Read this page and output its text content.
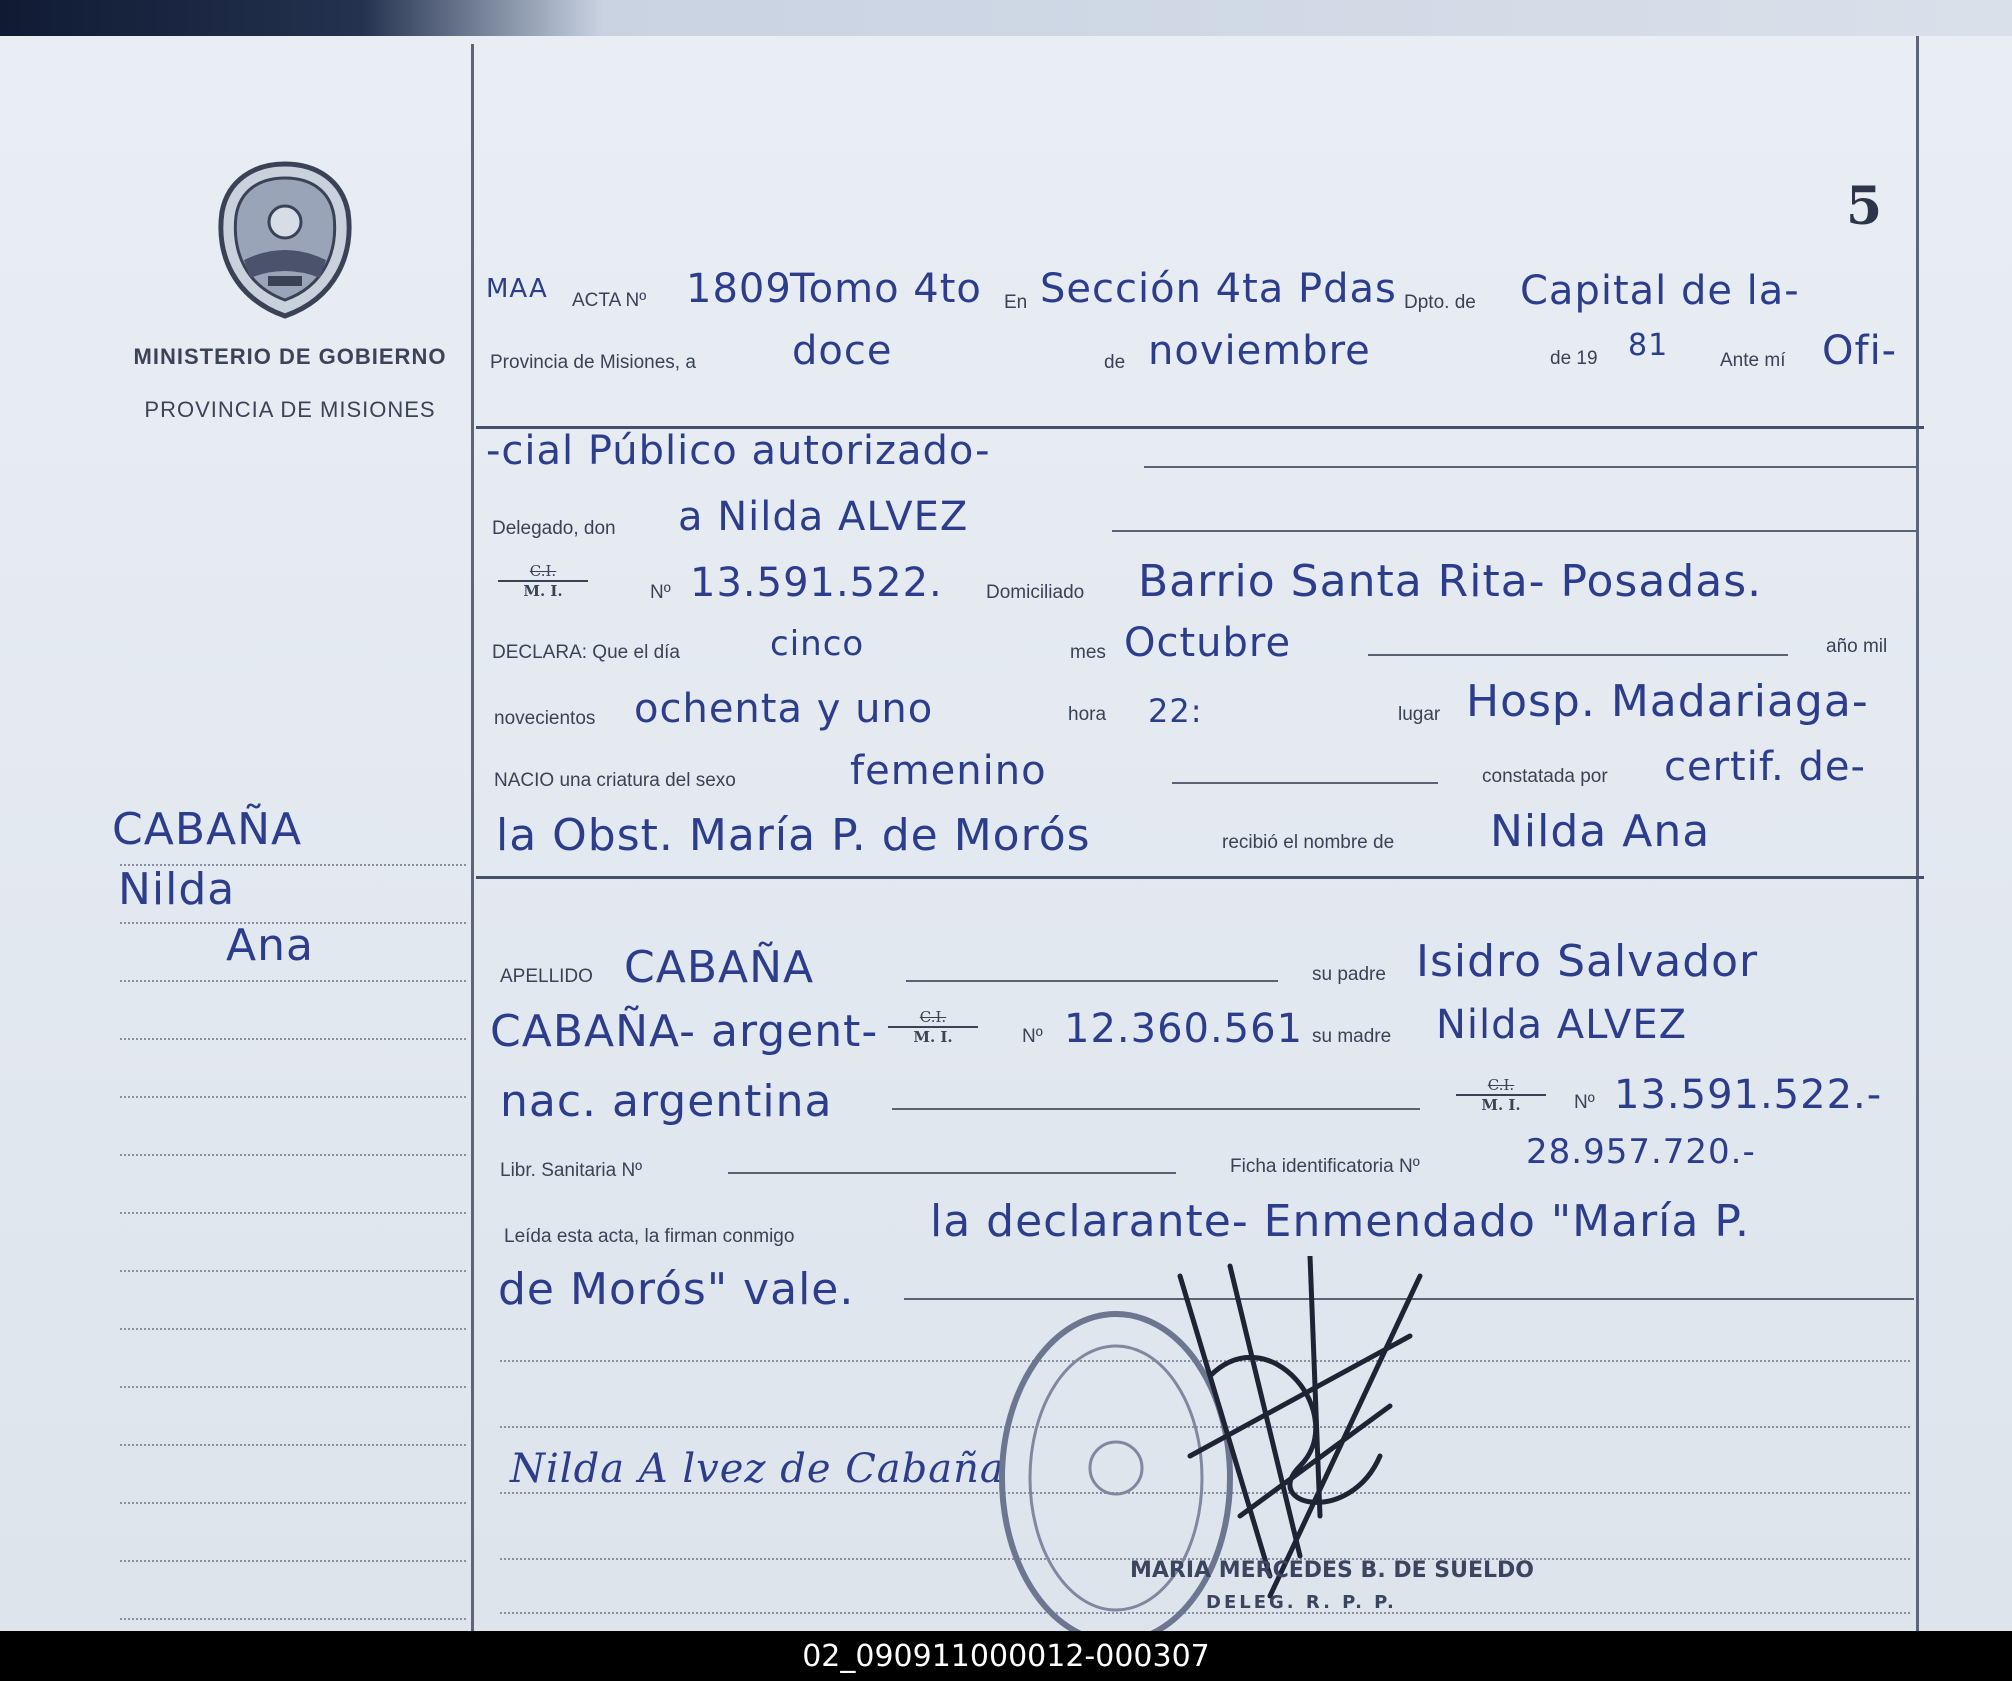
5
MINISTERIO DE GOBIERNO
PROVINCIA DE MISIONES
CABAÑA
Nilda
Ana
MAA ACTA Nº 1809
Tomo 4to En Sección 4ta Pdas Dpto. de Capital de la-
Provincia de Misiones, a doce	de noviembre	de 19 81	Ante mí Ofi-
-cial Público autorizado-
Delegado, don a Nilda ALVEZ
$\frac{C.I.}{M. I.}$	Nº 13.591.522. Domiciliado Barrio Santa Rita- Posadas.
DECLARA: Que el día	cinco	mes Octubre	año mil
novecientos ochenta y uno	hora 22:	lugar Hosp. Madariaga-
NACIO una criatura del sexo	femenino	constatada por certif. de-
la Obst. María P. de Morós	recibió el nombre de Nilda Ana
APELLIDO CABAÑA	su padre Isidro Salvador
CABAÑA- argent- $\frac{C.I.}{M. I.}$ Nº 12.360.561 su madre Nilda ALVEZ
nac. argentina	$\frac{C.I.}{M. I.}$ Nº 13.591.522.-
Libr. Sanitaria Nº	Ficha identificatoria Nº	28.957.720.-
Leída esta acta, la firman conmigo	la declarante- Enmendado "María P.
de Morós" vale.
Nilda A lvez de Cabaña
MARIA MERCEDES B. DE SUELDO
DELEG. R. P. P.
02_090911000012-000307
